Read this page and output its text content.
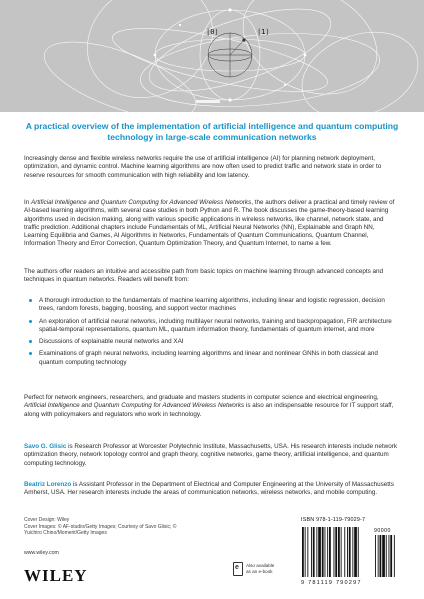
|0⟩	|1⟩
A practical overview of the implementation of artificial intelligence and quantum computing technology in large-scale communication networks

Increasingly dense and flexible wireless networks require the use of artificial intelligence (AI) for planning network deployment, optimization, and dynamic control. Machine learning algorithms are now often used to predict traffic and network state in order to reserve resources for smooth communication with high reliability and low latency.

In Artificial Intelligence and Quantum Computing for Advanced Wireless Networks, the authors deliver a practical and timely review of AI-based learning algorithms, with several case studies in both Python and R. The book discusses the game-theory-based learning algorithms used in decision making, along with various specific applications in wireless networks, like channel, network state, and traffic prediction. Additional chapters include Fundamentals of ML, Artificial Neural Networks (NN), Explainable and Graph NN, Learning Equilibria and Games, AI Algorithms in Networks, Fundamentals of Quantum Communications, Quantum Channel, Information Theory and Error Correction, Quantum Optimization Theory, and Quantum Internet, to name a few.

The authors offer readers an intuitive and accessible path from basic topics on machine learning through advanced concepts and techniques in quantum networks. Readers will benefit from:

A thorough introduction to the fundamentals of machine learning algorithms, including linear and logistic regression, decision trees, random forests, bagging, boosting, and support vector machines
An exploration of artificial neural networks, including multilayer neural networks, training and backpropagation, FIR architecture spatial-temporal representations, quantum ML, quantum information theory, fundamentals of quantum internet, and more
Discussions of explainable neural networks and XAI
Examinations of graph neural networks, including learning algorithms and linear and nonlinear GNNs in both classical and quantum computing technology

Perfect for network engineers, researchers, and graduate and masters students in computer science and electrical engineering, Artificial Intelligence and Quantum Computing for Advanced Wireless Networks is also an indispensable resource for IT support staff, along with policymakers and regulators who work in technology.

Savo G. Glisic is Research Professor at Worcester Polytechnic Institute, Massachusetts, USA. His research interests include network optimization theory, network topology control and graph theory, cognitive networks, game theory, artificial intelligence, and quantum computing technology.

Beatriz Lorenzo is Assistant Professor in the Department of Electrical and Computer Engineering at the University of Massachusetts Amherst, USA. Her research interests include the areas of communication networks, wireless networks, and mobile computing.

Cover Design: Wiley
Cover Images: © AF-studio/Getty Images; Courtesy of Savo Glisic; © Yuichiro Chino/Moment/Getty Images
www.wiley.com
WILEY	e Also available
as an e-book
ISBN 978-1-119-79029-7
90000
9 781119 790297
